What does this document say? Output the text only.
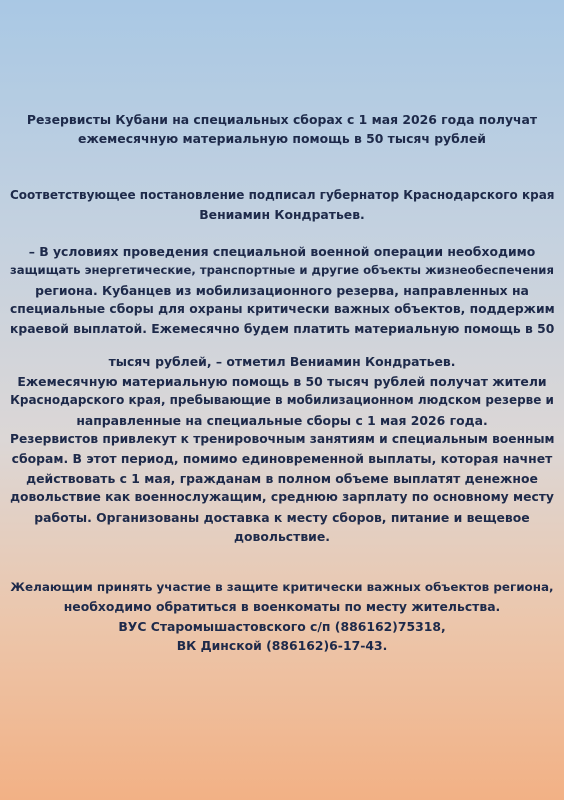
Резервисты Кубани на специальных сборах с 1 мая 2026 года получат
ежемесячную материальную помощь в 50 тысяч рублей
Соответствующее постановление подписал губернатор Краснодарского края
Вениамин Кондратьев.
– В условиях проведения специальной военной операции необходимо
защищать энергетические, транспортные и другие объекты жизнеобеспечения
региона. Кубанцев из мобилизационного резерва, направленных на
специальные сборы для охраны критически важных объектов, поддержим
краевой выплатой. Ежемесячно будем платить материальную помощь в 50
тысяч рублей, – отметил Вениамин Кондратьев.
Ежемесячную материальную помощь в 50 тысяч рублей получат жители
Краснодарского края, пребывающие в мобилизационном людском резерве и
направленные на специальные сборы с 1 мая 2026 года.
Резервистов привлекут к тренировочным занятиям и специальным военным
сборам. В этот период, помимо единовременной выплаты, которая начнет
действовать с 1 мая, гражданам в полном объеме выплатят денежное
довольствие как военнослужащим, среднюю зарплату по основному месту
работы. Организованы доставка к месту сборов, питание и вещевое
довольствие.
Желающим принять участие в защите критически важных объектов региона,
необходимо обратиться в военкоматы по месту жительства.
ВУС Старомышастовского с/п (886162)75318,
ВК Динской (886162)6-17-43.
